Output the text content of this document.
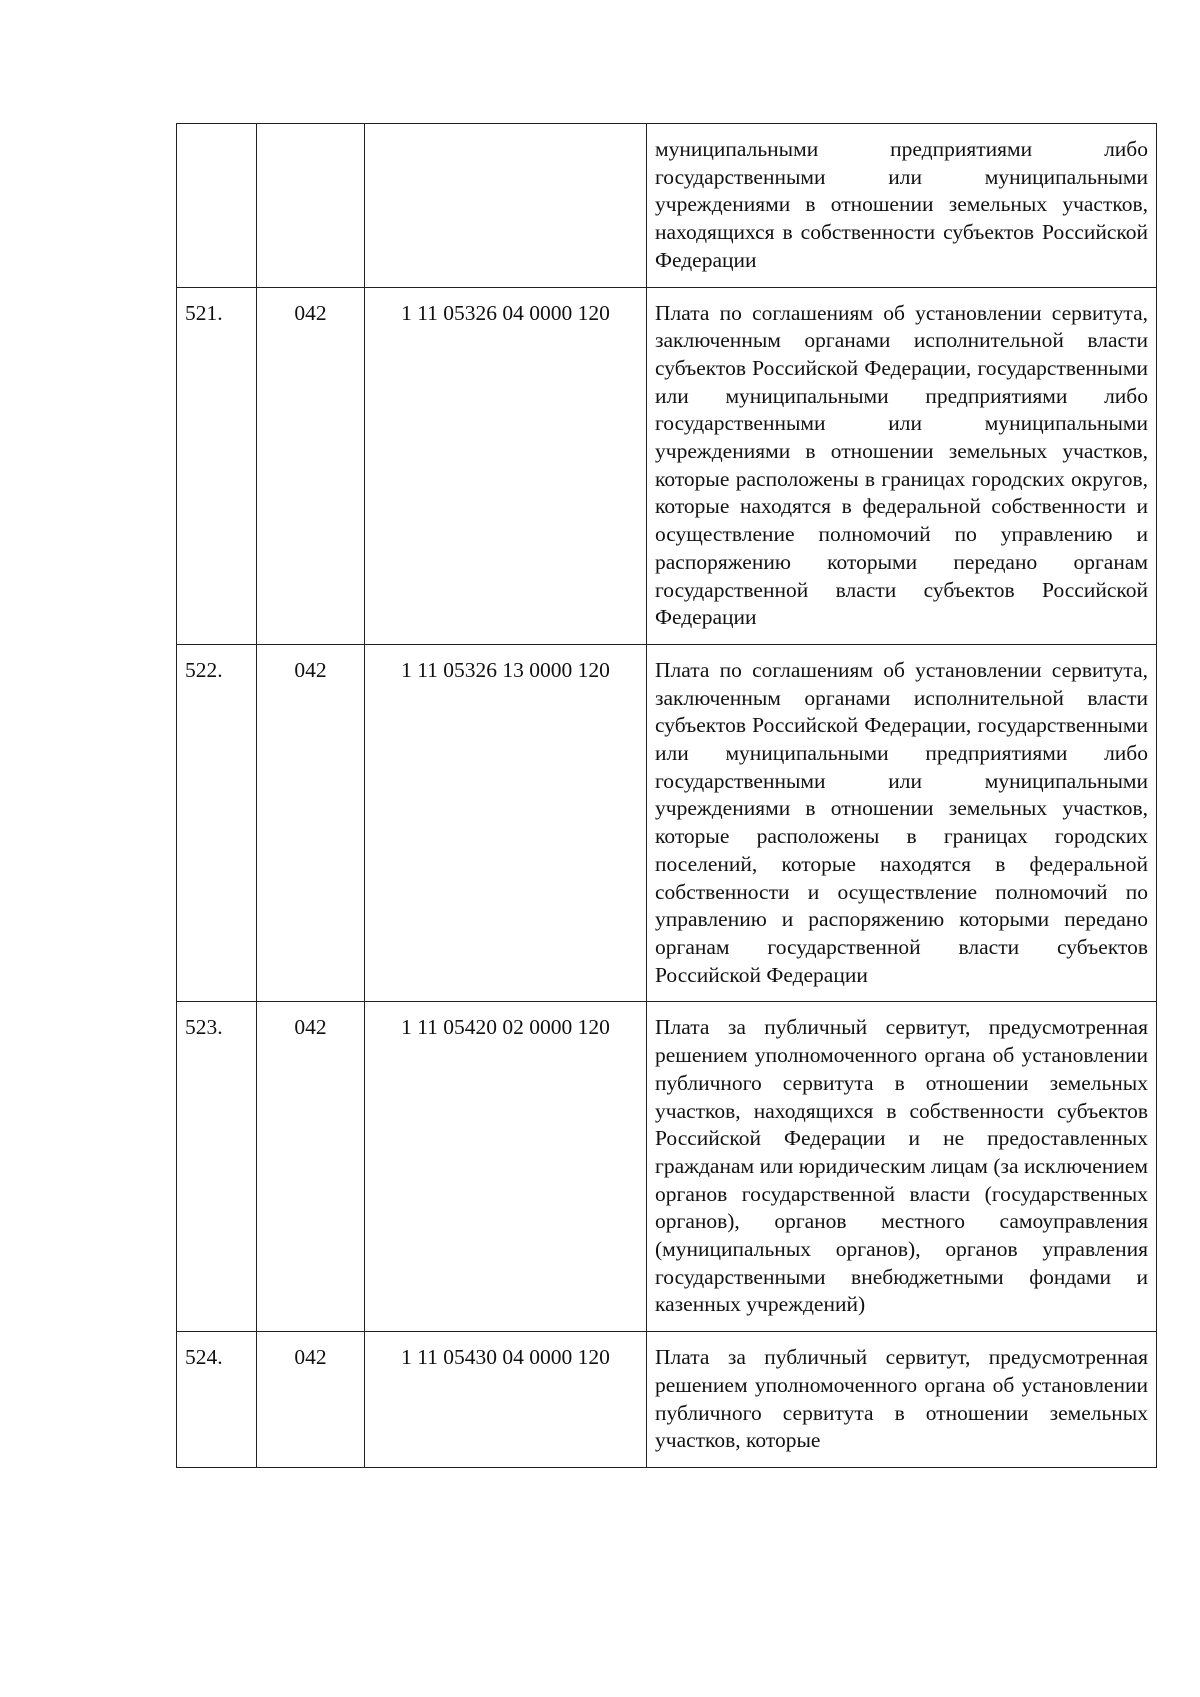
			муниципальными предприятиями либо государственными или муниципальными учреждениями в отношении земельных участков, находящихся в собственности субъектов Российской Федерации
521.	042	1 11 05326 04 0000 120	Плата по соглашениям об установлении сервитута, заключенным органами исполнительной власти субъектов Российской Федерации, государственными или муниципальными предприятиями либо государственными или муниципальными учреждениями в отношении земельных участков, которые расположены в границах городских округов, которые находятся в федеральной собственности и осуществление полномочий по управлению и распоряжению которыми передано органам государственной власти субъектов Российской Федерации
522.	042	1 11 05326 13 0000 120	Плата по соглашениям об установлении сервитута, заключенным органами исполнительной власти субъектов Российской Федерации, государственными или муниципальными предприятиями либо государственными или муниципальными учреждениями в отношении земельных участков, которые расположены в границах городских поселений, которые находятся в федеральной собственности и осуществление полномочий по управлению и распоряжению которыми передано органам государственной власти субъектов Российской Федерации
523.	042	1 11 05420 02 0000 120	Плата за публичный сервитут, предусмотренная решением уполномоченного органа об установлении публичного сервитута в отношении земельных участков, находящихся в собственности субъектов Российской Федерации и не предоставленных гражданам или юридическим лицам (за исключением органов государственной власти (государственных органов), органов местного самоуправления (муниципальных органов), органов управления государственными внебюджетными фондами и казенных учреждений)
524.	042	1 11 05430 04 0000 120	Плата за публичный сервитут, предусмотренная решением уполномоченного органа об установлении публичного сервитута в отношении земельных участков, которые
